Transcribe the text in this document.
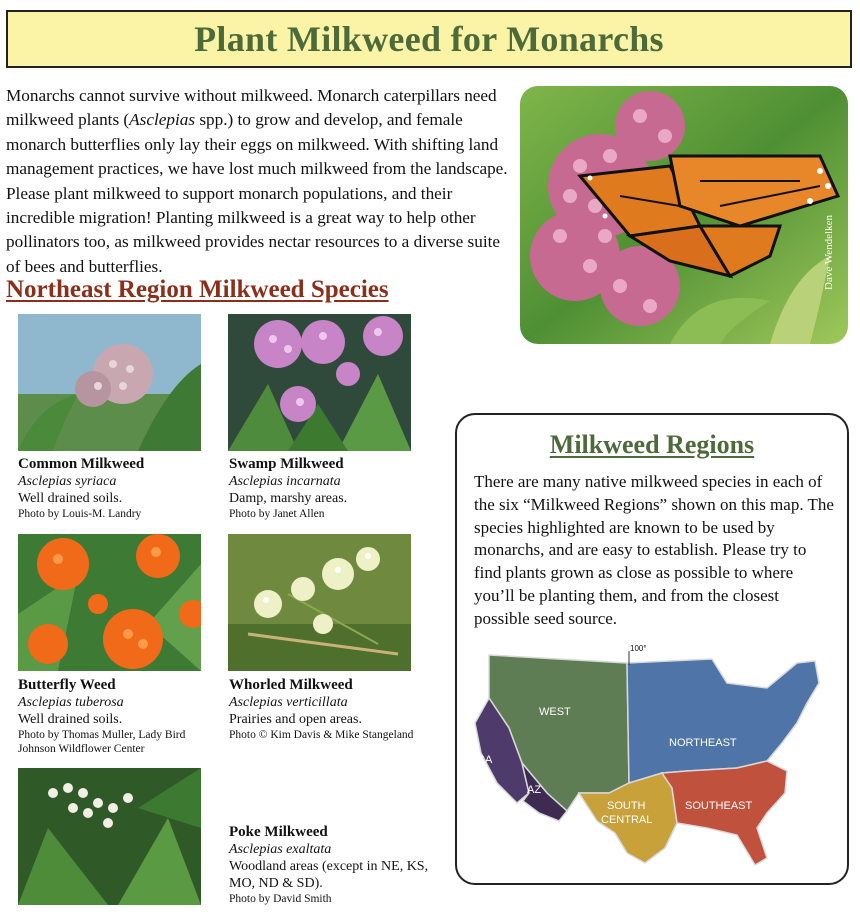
Plant Milkweed for Monarchs
Monarchs cannot survive without milkweed. Monarch caterpillars need milkweed plants (Asclepias spp.) to grow and develop, and female monarch butterflies only lay their eggs on milkweed. With shifting land management practices, we have lost much milkweed from the landscape. Please plant milkweed to support monarch populations, and their incredible migration! Planting milkweed is a great way to help other pollinators too, as milkweed provides nectar resources to a diverse suite of bees and butterflies.	Dave Wendelken
Northeast Region Milkweed Species
Common Milkweed
Asclepias syriaca
Well drained soils.
Photo by Louis-M. Landry
Swamp Milkweed
Asclepias incarnata
Damp, marshy areas.
Photo by Janet Allen
Butterfly Weed
Asclepias tuberosa
Well drained soils.
Photo by Thomas Muller, Lady Bird Johnson Wildflower Center
Whorled Milkweed
Asclepias verticillata
Prairies and open areas.
Photo © Kim Davis & Mike Stangeland
Poke Milkweed
Asclepias exaltata
Woodland areas (except in NE, KS, MO, ND & SD).
Photo by David Smith
Milkweed Regions
There are many native milkweed species in each of the six “Milkweed Regions” shown on this map. The species highlighted are known to be used by monarchs, and are easy to establish. Please try to find plants grown as close as possible to where you’ll be planting them, and from the closest possible seed source.
100°
WEST
NORTHEAST
CA
AZ
SOUTH
CENTRAL
SOUTHEAST
